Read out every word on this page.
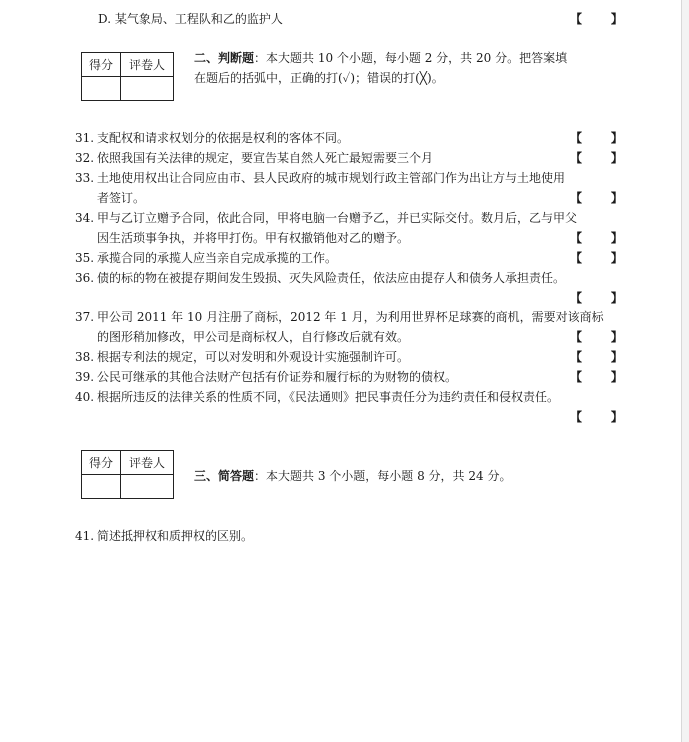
D. 某气象局、工程队和乙的监护人	【    】
得分	评卷人
	二、判断题：本大题共 10 个小题，每小题 2 分，共 20 分。把答案填
在题后的括弧中，正确的打(✓)；错误的打(╳)。
31. 支配权和请求权划分的依据是权利的客体不同。	【    】
32. 依照我国有关法律的规定，要宣告某自然人死亡最短需要三个月	【    】
33. 土地使用权出让合同应由市、县人民政府的城市规划行政主管部门作为出让方与土地使用
者签订。	【    】
34. 甲与乙订立赠予合同，依此合同，甲将电脑一台赠予乙，并已实际交付。数月后，乙与甲父
因生活琐事争执，并将甲打伤。甲有权撤销他对乙的赠予。	【    】
35. 承揽合同的承揽人应当亲自完成承揽的工作。	【    】
36. 债的标的物在被提存期间发生毁损、灭失风险责任，依法应由提存人和债务人承担责任。
【    】
37. 甲公司 2011 年 10 月注册了商标，2012 年 1 月，为利用世界杯足球赛的商机，需要对该商标
的图形稍加修改，甲公司是商标权人，自行修改后就有效。	【    】
38. 根据专利法的规定，可以对发明和外观设计实施强制许可。	【    】
39. 公民可继承的其他合法财产包括有价证券和履行标的为财物的债权。	【    】
40. 根据所违反的法律关系的性质不同，《民法通则》把民事责任分为违约责任和侵权责任。
【    】
得分	评卷人

三、简答题：本大题共 3 个小题，每小题 8 分，共 24 分。
41. 简述抵押权和质押权的区别。
